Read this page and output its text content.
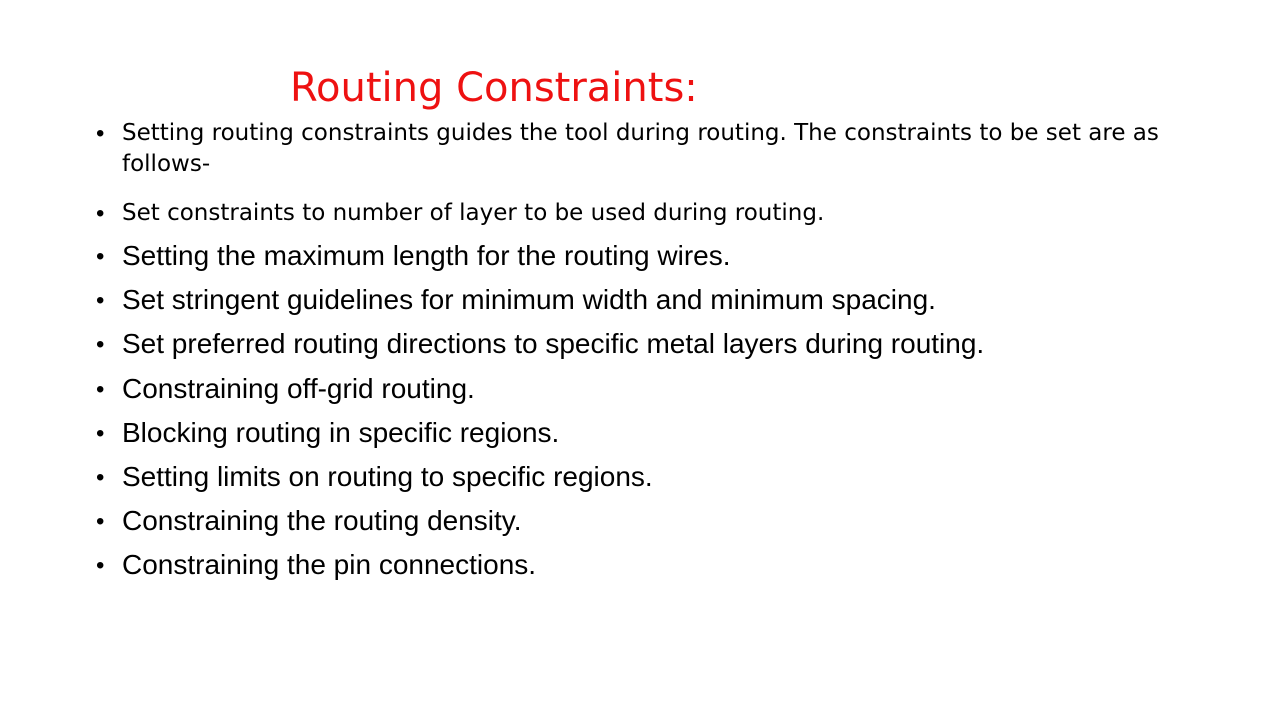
Routing Constraints:
• Setting routing constraints guides the tool during routing. The constraints to be set are as follows-
• Set constraints to number of layer to be used during routing.
• Setting the maximum length for the routing wires.
• Set stringent guidelines for minimum width and minimum spacing.
• Set preferred routing directions to specific metal layers during routing.
• Constraining off-grid routing.
• Blocking routing in specific regions.
• Setting limits on routing to specific regions.
• Constraining the routing density.
• Constraining the pin connections.
